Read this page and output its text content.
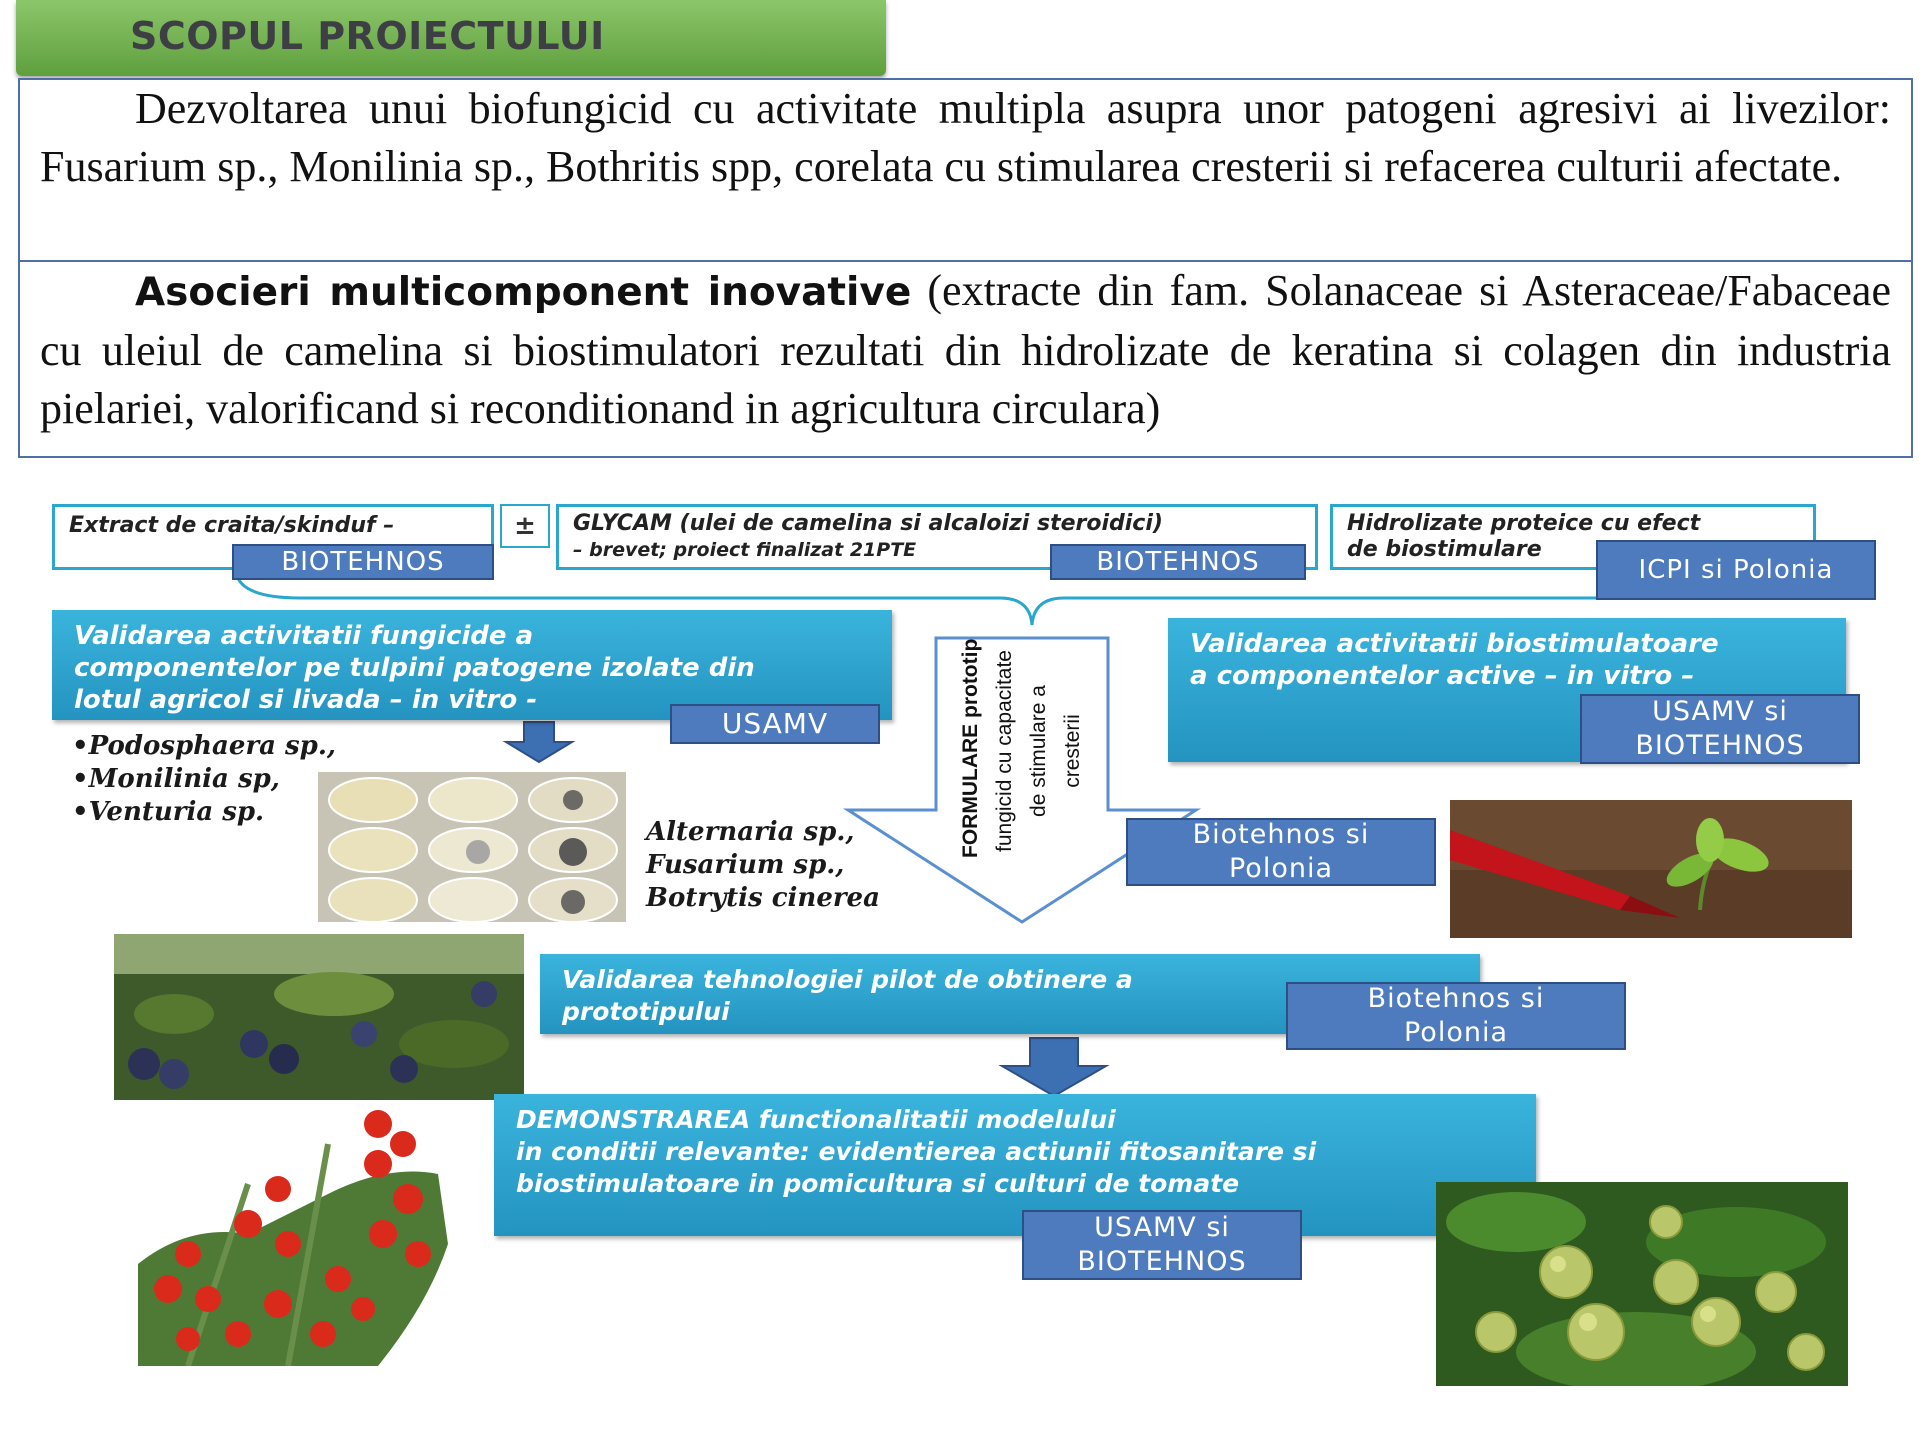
SCOPUL PROIECTULUI

Dezvoltarea unui biofungicid cu activitate multipla asupra unor patogeni agresivi ai livezilor: Fusarium sp., Monilinia sp., Bothritis spp, corelata cu stimularea cresterii si refacerea culturii afectate.

Asocieri multicomponent inovative (extracte din fam. Solanaceae si Asteraceae/Fabaceae cu uleiul de camelina si biostimulatori rezultati din hidrolizate de keratina si colagen din industria pielariei, valorificand si reconditionand in agricultura circulara)

Extract de craita/skinduf –
BIOTEHNOS
±	GLYCAM (ulei de camelina si alcaloizi steroidici)
– brevet; proiect finalizat 21PTE	BIOTEHNOS
Hidrolizate proteice cu efect
de biostimulare
ICPI si Polonia
Validarea activitatii fungicide a
componentelor pe tulpini patogene izolate din
lotul agricol si livada – in vitro -
USAMV
Validarea activitatii biostimulatoare
a componentelor active – in vitro –
USAMV si BIOTEHNOS
•Podosphaera sp.,
•Monilinia sp,
•Venturia sp.
Alternaria sp.,
Fusarium sp.,
Botrytis cinerea
FORMULARE prototip fungicid cu capacitate de stimulare a cresterii
Biotehnos si Polonia
Validarea tehnologiei pilot de obtinere a
prototipului	Biotehnos si Polonia
DEMONSTRAREA functionalitatii modelului
in conditii relevante: evidentierea actiunii fitosanitare si
biostimulatoare in pomicultura si culturi de tomate
USAMV si BIOTEHNOS
